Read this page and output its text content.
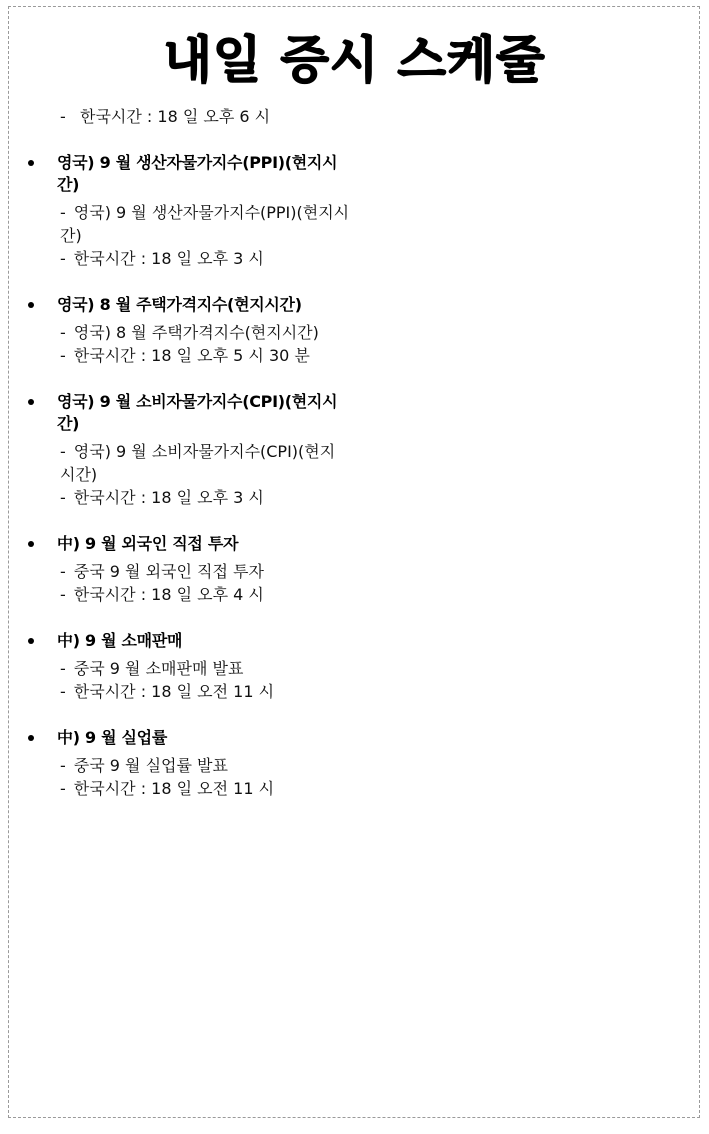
내일 증시 스케줄
- 한국시간 : 18 일 오후 6 시
영국) 9 월 생산자물가지수(PPI)(현지시간)
- 영국) 9 월 생산자물가지수(PPI)(현지시간)
- 한국시간 : 18 일 오후 3 시
영국) 8 월 주택가격지수(현지시간)
- 영국) 8 월 주택가격지수(현지시간)
- 한국시간 : 18 일 오후 5 시 30 분
영국) 9 월 소비자물가지수(CPI)(현지시간)
- 영국) 9 월 소비자물가지수(CPI)(현지시간)
- 한국시간 : 18 일 오후 3 시
中) 9 월 외국인 직접 투자
- 중국 9 월 외국인 직접 투자
- 한국시간 : 18 일 오후 4 시
中) 9 월 소매판매
- 중국 9 월 소매판매 발표
- 한국시간 : 18 일 오전 11 시
中) 9 월 실업률
- 중국 9 월 실업률 발표
- 한국시간 : 18 일 오전 11 시
